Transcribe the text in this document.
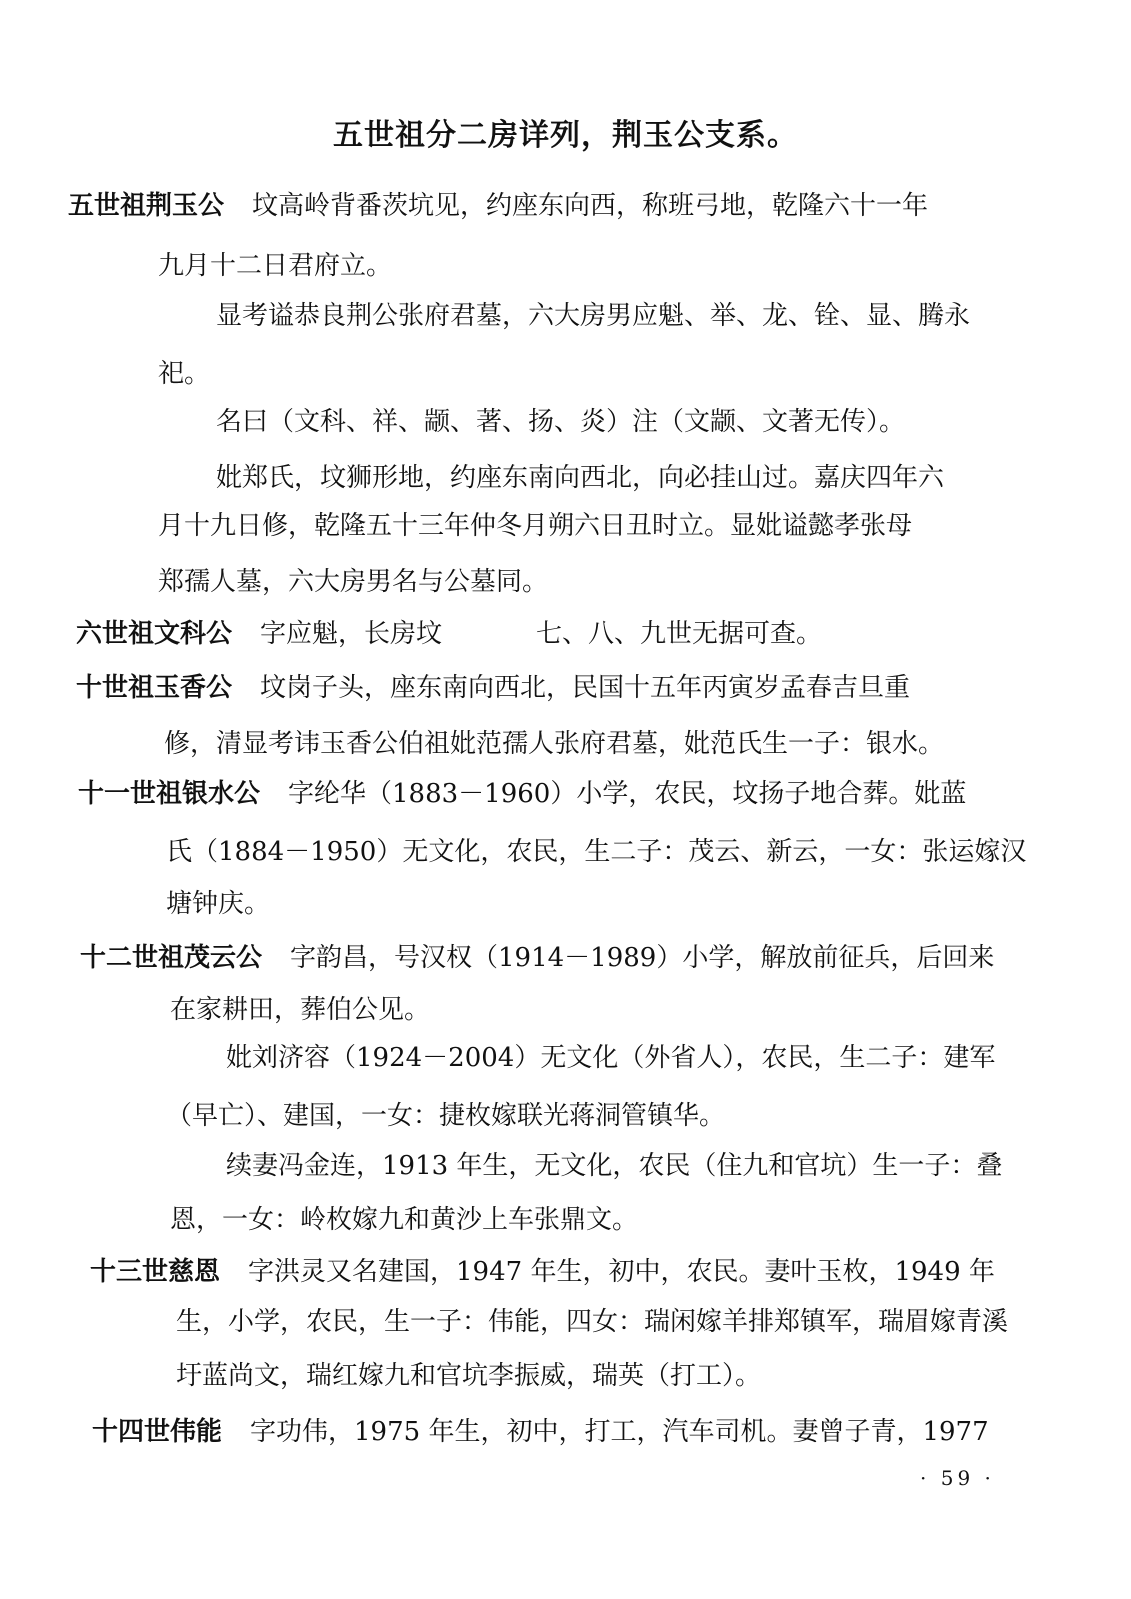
五世祖分二房详列，荆玉公支系。
五世祖荆玉公 坟高岭背番茨坑见，约座东向西，称班弓地，乾隆六十一年
九月十二日君府立。
显考谥恭良荆公张府君墓，六大房男应魁、举、龙、铨、显、腾永
祀。
名曰（文科、祥、颛、著、扬、炎）注（文颛、文著无传）。
妣郑氏，坟狮形地，约座东南向西北，向必挂山过。嘉庆四年六
月十九日修，乾隆五十三年仲冬月朔六日丑时立。显妣谥懿孝张母
郑孺人墓，六大房男名与公墓同。
六世祖文科公 字应魁，长房坟	七、八、九世无据可查。
十世祖玉香公 坟岗子头，座东南向西北，民国十五年丙寅岁孟春吉旦重
修，清显考讳玉香公伯祖妣范孺人张府君墓，妣范氏生一子：银水。
十一世祖银水公 字纶华（1883－1960）小学，农民，坟扬子地合葬。妣蓝
氏（1884－1950）无文化，农民，生二子：茂云、新云，一女：张运嫁汉
塘钟庆。
十二世祖茂云公 字韵昌，号汉权（1914－1989）小学，解放前征兵，后回来
在家耕田，葬伯公见。
妣刘济容（1924－2004）无文化（外省人），农民，生二子：建军
（早亡）、建国，一女：捷枚嫁联光蒋洞管镇华。
续妻冯金连，1913 年生，无文化，农民（住九和官坑）生一子：叠
恩，一女：岭枚嫁九和黄沙上车张鼎文。
十三世慈恩 字洪灵又名建国，1947 年生，初中，农民。妻叶玉枚，1949 年
生，小学，农民，生一子：伟能，四女：瑞闲嫁羊排郑镇军，瑞眉嫁青溪
圩蓝尚文，瑞红嫁九和官坑李振威，瑞英（打工）。
十四世伟能 字功伟，1975 年生，初中，打工，汽车司机。妻曾子青，1977
· 59 ·
